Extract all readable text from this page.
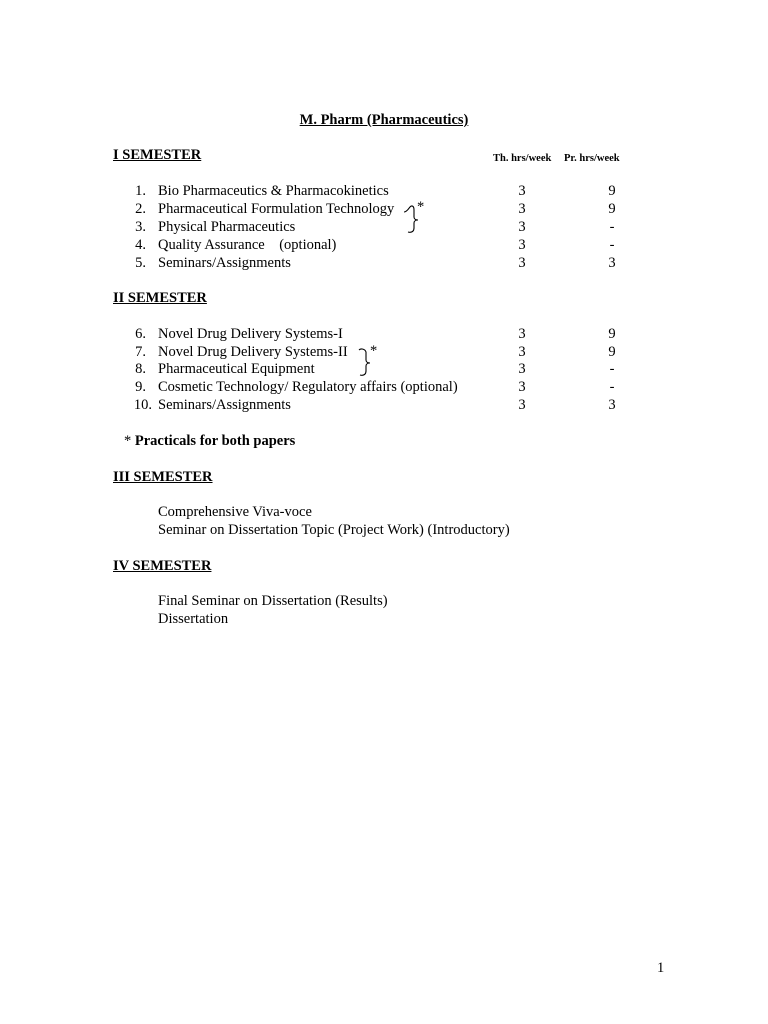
M. Pharm (Pharmaceutics)
I SEMESTER	Th. hrs/week Pr. hrs/week
1. Bio Pharmaceutics & Pharmacokinetics	3	9
2. Pharmaceutical Formulation Technology	3	9
3. Physical Pharmaceutics	3	-
4. Quality Assurance    (optional)	3	-
5. Seminars/Assignments	3	3
*
II SEMESTER
6. Novel Drug Delivery Systems-I	3	9
7. Novel Drug Delivery Systems-II	3	9
8. Pharmaceutical Equipment	3	-
9. Cosmetic Technology/ Regulatory affairs (optional)	3	-
10. Seminars/Assignments	3	3
*
* Practicals for both papers
III SEMESTER
Comprehensive Viva-voce
Seminar on Dissertation Topic (Project Work) (Introductory)
IV SEMESTER
Final Seminar on Dissertation (Results)
Dissertation
1
